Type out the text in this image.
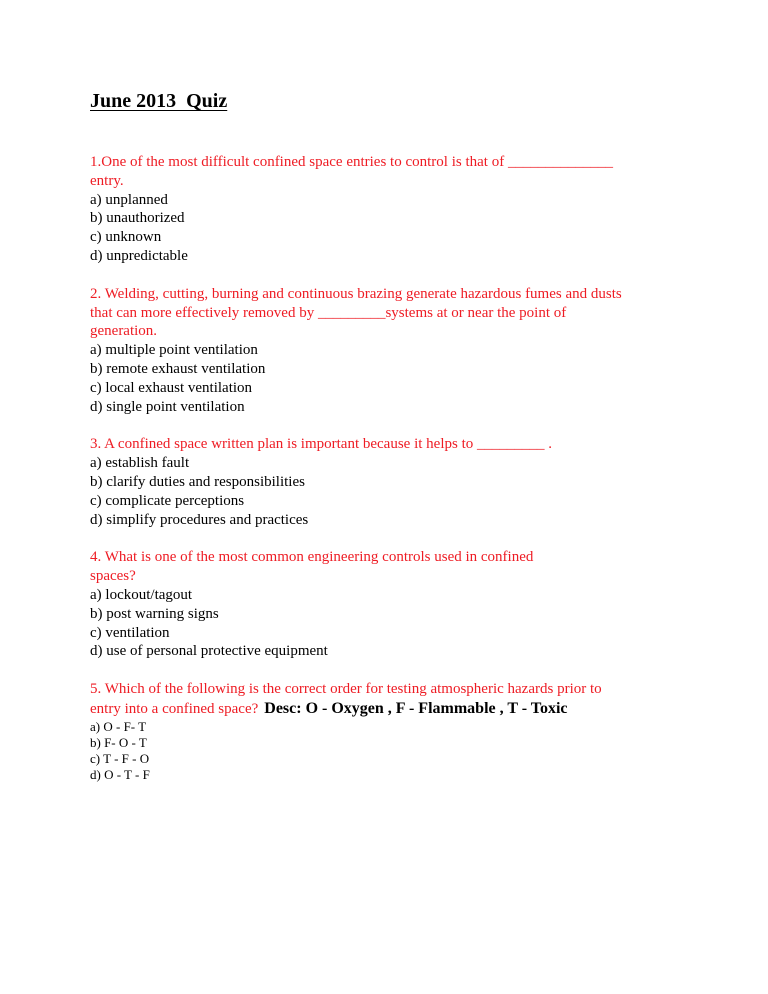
June 2013  Quiz

1.One of the most difficult confined space entries to control is that of ______________
entry.

a) unplanned
b) unauthorized
c) unknown
d) unpredictable

2. Welding, cutting, burning and continuous brazing generate hazardous fumes and dusts
that can more effectively removed by _________systems at or near the point of
generation.

a) multiple point ventilation
b) remote exhaust ventilation
c) local exhaust ventilation
d) single point ventilation

3. A confined space written plan is important because it helps to _________ .

a) establish fault
b) clarify duties and responsibilities
c) complicate perceptions
d) simplify procedures and practices

4. What is one of the most common engineering controls used in confined
spaces?

a) lockout/tagout
b) post warning signs
c) ventilation
d) use of personal protective equipment

5. Which of the following is the correct order for testing atmospheric hazards prior to
entry into a confined space? Desc: O - Oxygen , F - Flammable , T - Toxic

a) O - F- T
b) F- O - T
c) T - F - O
d) O - T - F
